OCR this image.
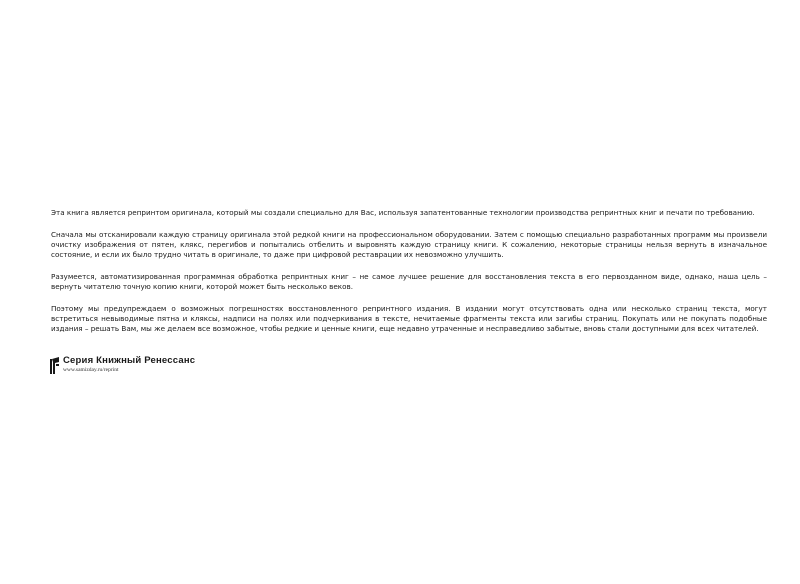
Эта книга является репринтом оригинала, который мы создали специально для Вас, используя запатентованные технологии производства репринтных книг и печати по требованию.

Сначала мы отсканировали каждую страницу оригинала этой редкой книги на профессиональном оборудовании. Затем с помощью специально разработанных программ мы произвели очистку изображения от пятен, клякс, перегибов и попытались отбелить и выровнять каждую страницу книги. К сожалению, некоторые страницы нельзя вернуть в изначальное состояние, и если их было трудно читать в оригинале, то даже при цифровой реставрации их невозможно улучшить.

Разумеется, автоматизированная программная обработка репринтных книг – не самое лучшее решение для восстановления текста в его первозданном виде, однако, наша цель – вернуть читателю точную копию книги, которой может быть несколько веков.

Поэтому мы предупреждаем о возможных погрешностях восстановленного репринтного издания. В издании могут отсутствовать одна или несколько страниц текста, могут встретиться невыводимые пятна и кляксы, надписи на полях или подчеркивания в тексте, нечитаемые фрагменты текста или загибы страниц. Покупать или не покупать подобные издания – решать Вам, мы же делаем все возможное, чтобы редкие и ценные книги, еще недавно утраченные и несправедливо забытые, вновь стали доступными для всех читателей.

Серия Книжный Ренессанс
www.samizday.ru/reprint
